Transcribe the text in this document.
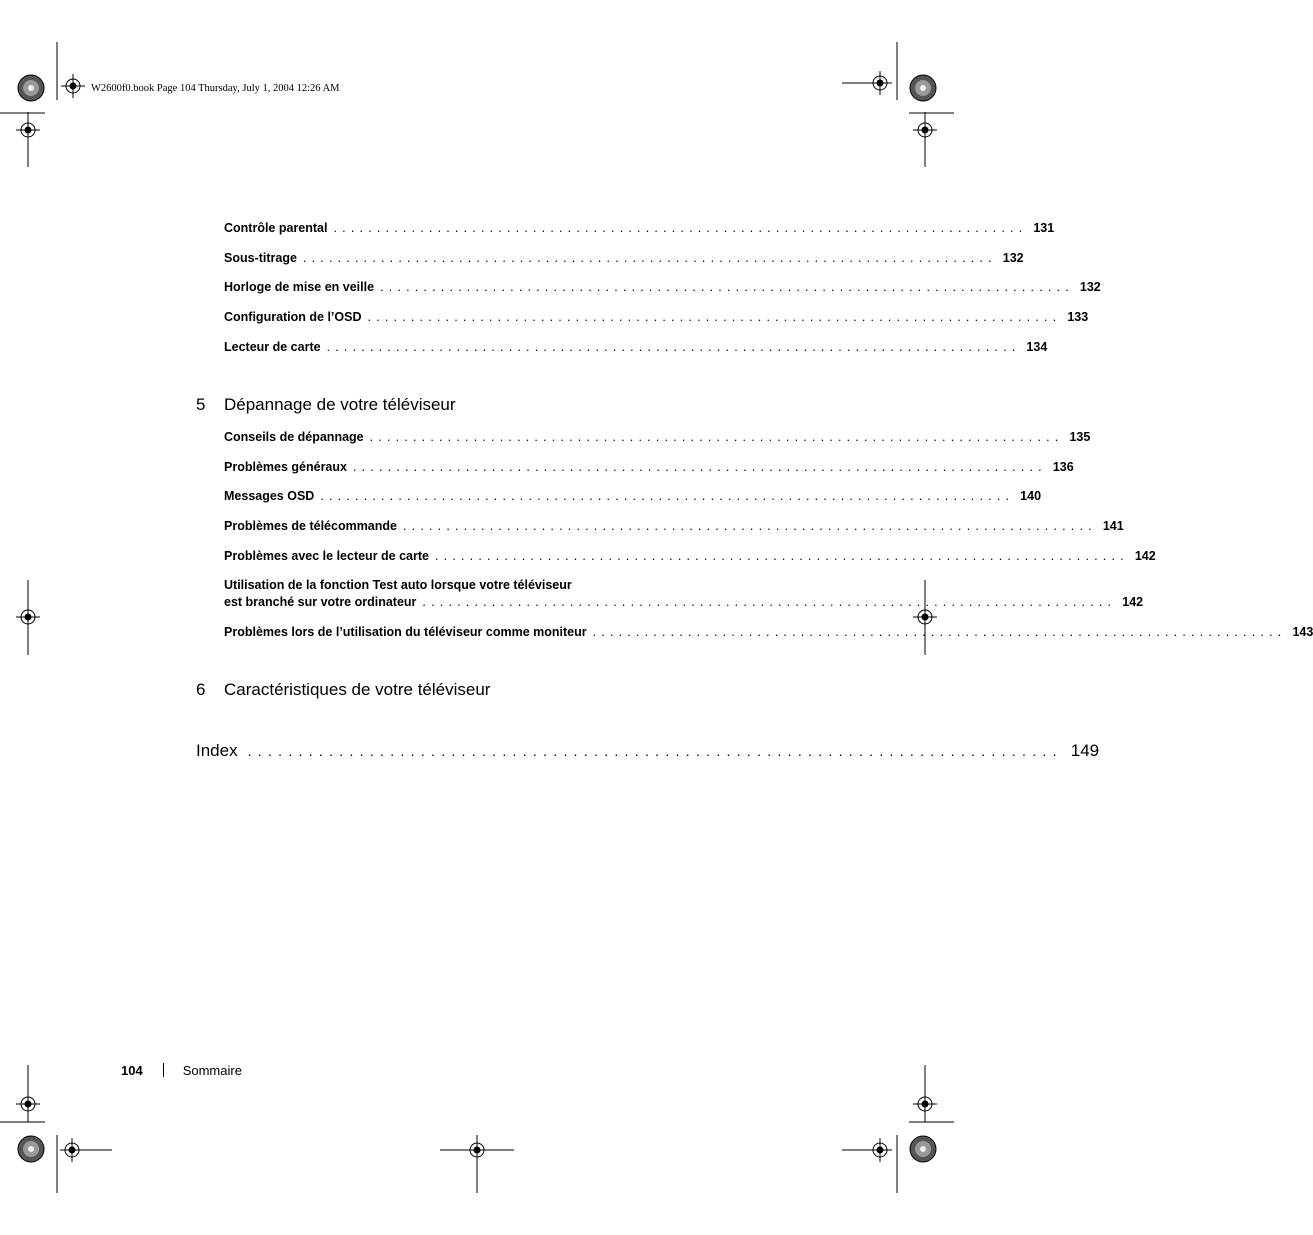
W2600f0.book Page 104 Thursday, July 1, 2004 12:26 AM
Contrôle parental ................................................................................ 131
Sous-titrage ................................................................................ 132
Horloge de mise en veille ................................................................................ 132
Configuration de l’OSD ................................................................................ 133
Lecteur de carte ................................................................................ 134
5 Dépannage de votre téléviseur
Conseils de dépannage ................................................................................ 135
Problèmes généraux ................................................................................ 136
Messages OSD ................................................................................ 140
Problèmes de télécommande ................................................................................ 141
Problèmes avec le lecteur de carte ................................................................................ 142
Utilisation de la fonction Test auto lorsque votre téléviseur
est branché sur votre ordinateur ................................................................................ 142
Problèmes lors de l’utilisation du téléviseur comme moniteur ................................................................................ 143
6 Caractéristiques de votre téléviseur
Index ................................................................................ 149
104	Sommaire
